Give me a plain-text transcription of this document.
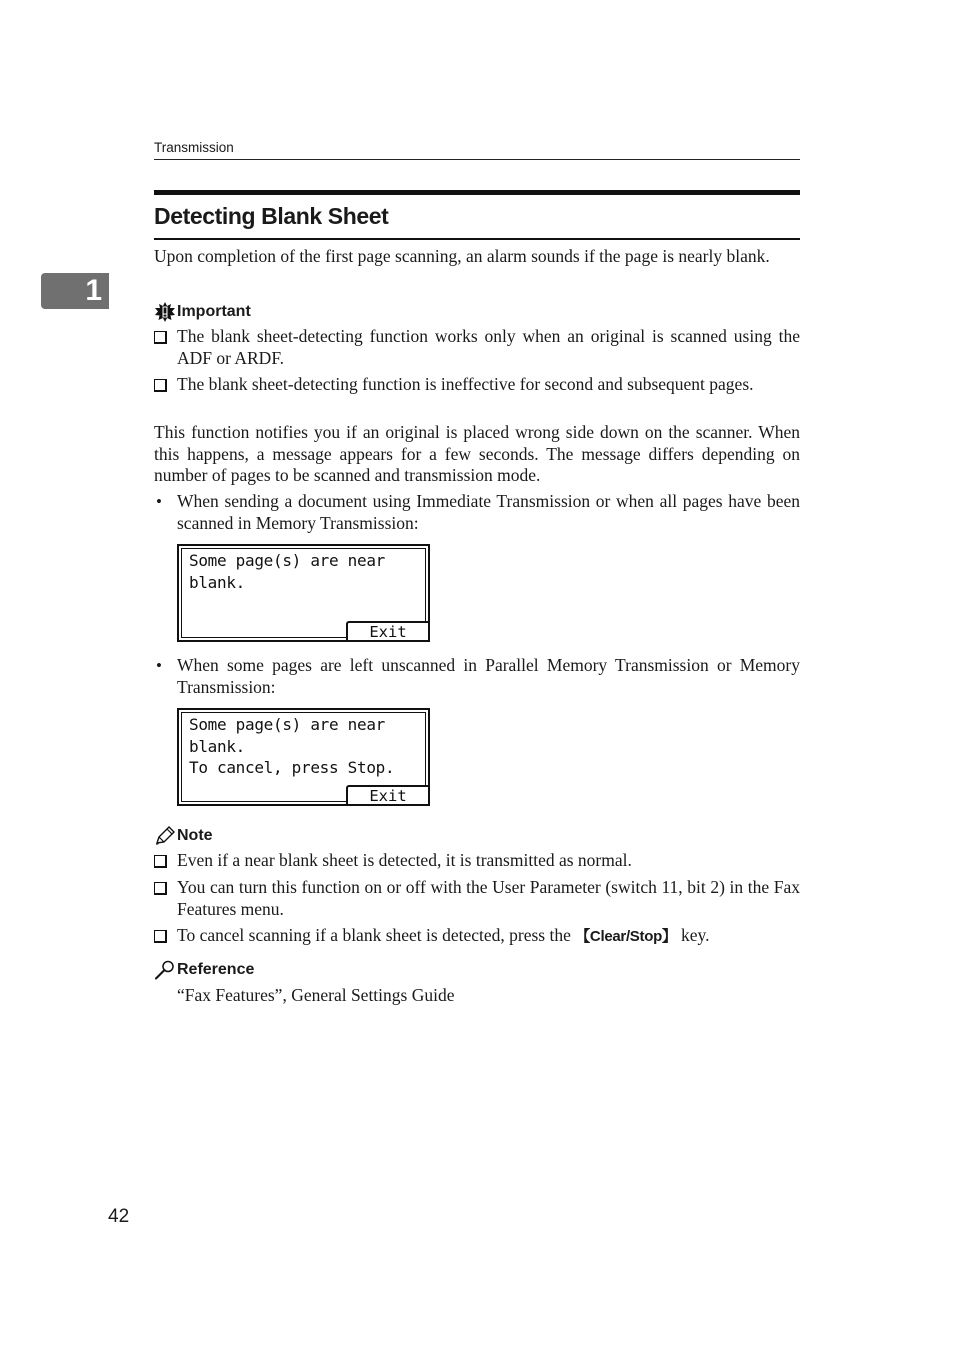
Transmission
Detecting Blank Sheet
1
Upon completion of the first page scanning, an alarm sounds if the page is nearly blank.
Important
The blank sheet-detecting function works only when an original is scanned using the ADF or ARDF.
The blank sheet-detecting function is ineffective for second and subsequent pages.
This function notifies you if an original is placed wrong side down on the scanner. When this happens, a message appears for a few seconds. The message differs depending on number of pages to be scanned and transmission mode.
• When sending a document using Immediate Transmission or when all pages have been scanned in Memory Transmission:
Some page(s) are near
blank.
Exit
• When some pages are left unscanned in Parallel Memory Transmission or Memory Transmission:
Some page(s) are near
blank.
To cancel, press Stop.
Exit
Note
Even if a near blank sheet is detected, it is transmitted as normal.
You can turn this function on or off with the User Parameter (switch 11, bit 2) in the Fax Features menu.
To cancel scanning if a blank sheet is detected, press the 【Clear/Stop】 key.
Reference
“Fax Features”, General Settings Guide
42
